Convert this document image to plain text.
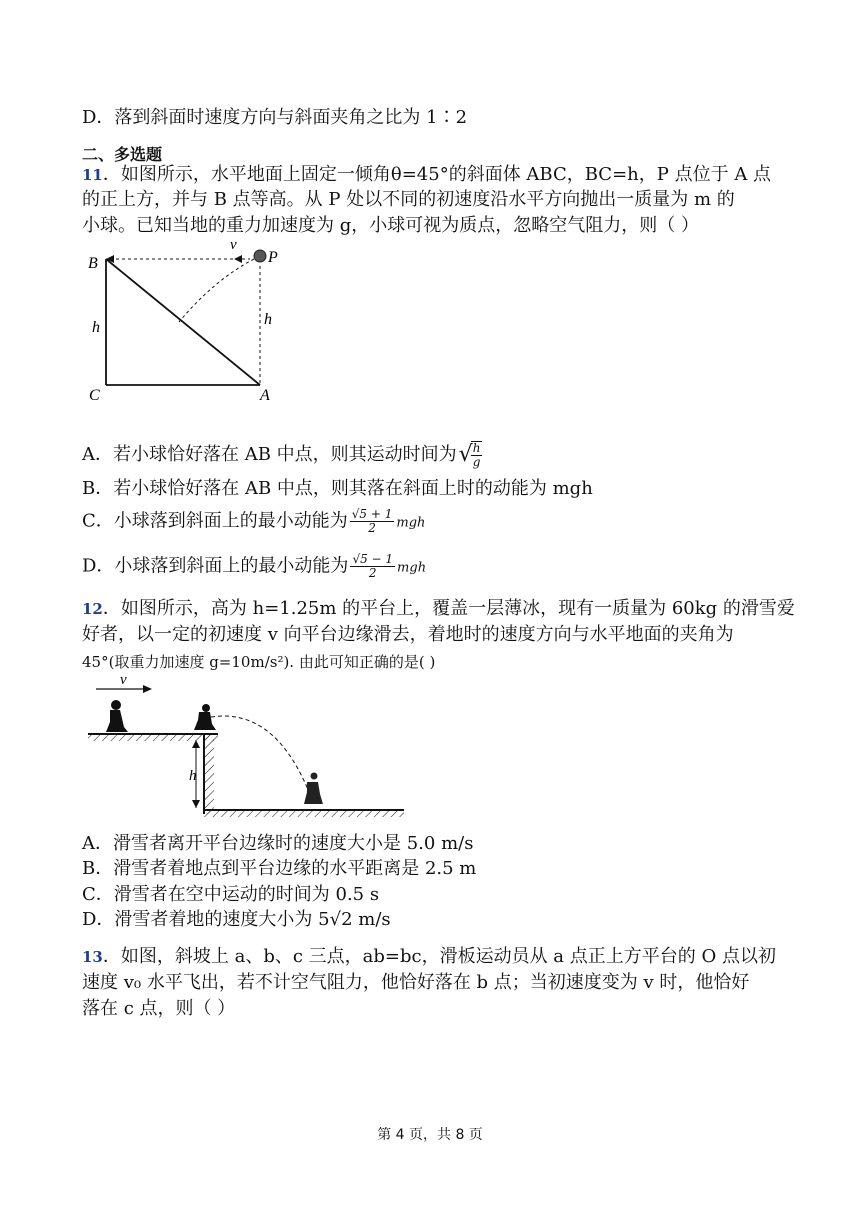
D．落到斜面时速度方向与斜面夹角之比为 1∶2
二、多选题
11．如图所示，水平地面上固定一倾角θ=45°的斜面体 ABC，BC=h，P 点位于 A 点
的正上方，并与 B 点等高。从 P 处以不同的初速度沿水平方向抛出一质量为 m 的
小球。已知当地的重力加速度为 g，小球可视为质点，忽略空气阻力，则（ ）
B
C	A
P
h	h
v
A．若小球恰好落在 AB 中点，则其运动时间为√
$\frac{h}{g}$
B．若小球恰好落在 AB 中点，则其落在斜面上时的动能为 mgh
C．小球落到斜面上的最小动能为 $\frac{√5 + 1}{2}$ mgh
D．小球落到斜面上的最小动能为 $\frac{√5 - 1}{2}$ mgh
12．如图所示，高为 h=1.25m 的平台上，覆盖一层薄冰，现有一质量为 60kg 的滑雪爱
好者，以一定的初速度 v 向平台边缘滑去，着地时的速度方向与水平地面的夹角为
45°(取重力加速度 g=10m/s²). 由此可知正确的是( )
v
h
A．滑雪者离开平台边缘时的速度大小是 5.0 m/s
B．滑雪者着地点到平台边缘的水平距离是 2.5 m
C．滑雪者在空中运动的时间为 0.5 s
D．滑雪者着地的速度大小为 5√2 m/s
13．如图，斜坡上 a、b、c 三点，ab=bc，滑板运动员从 a 点正上方平台的 O 点以初
速度 v₀ 水平飞出，若不计空气阻力，他恰好落在 b 点；当初速度变为 v 时，他恰好
落在 c 点，则（ ）
第 4 页，共 8 页
